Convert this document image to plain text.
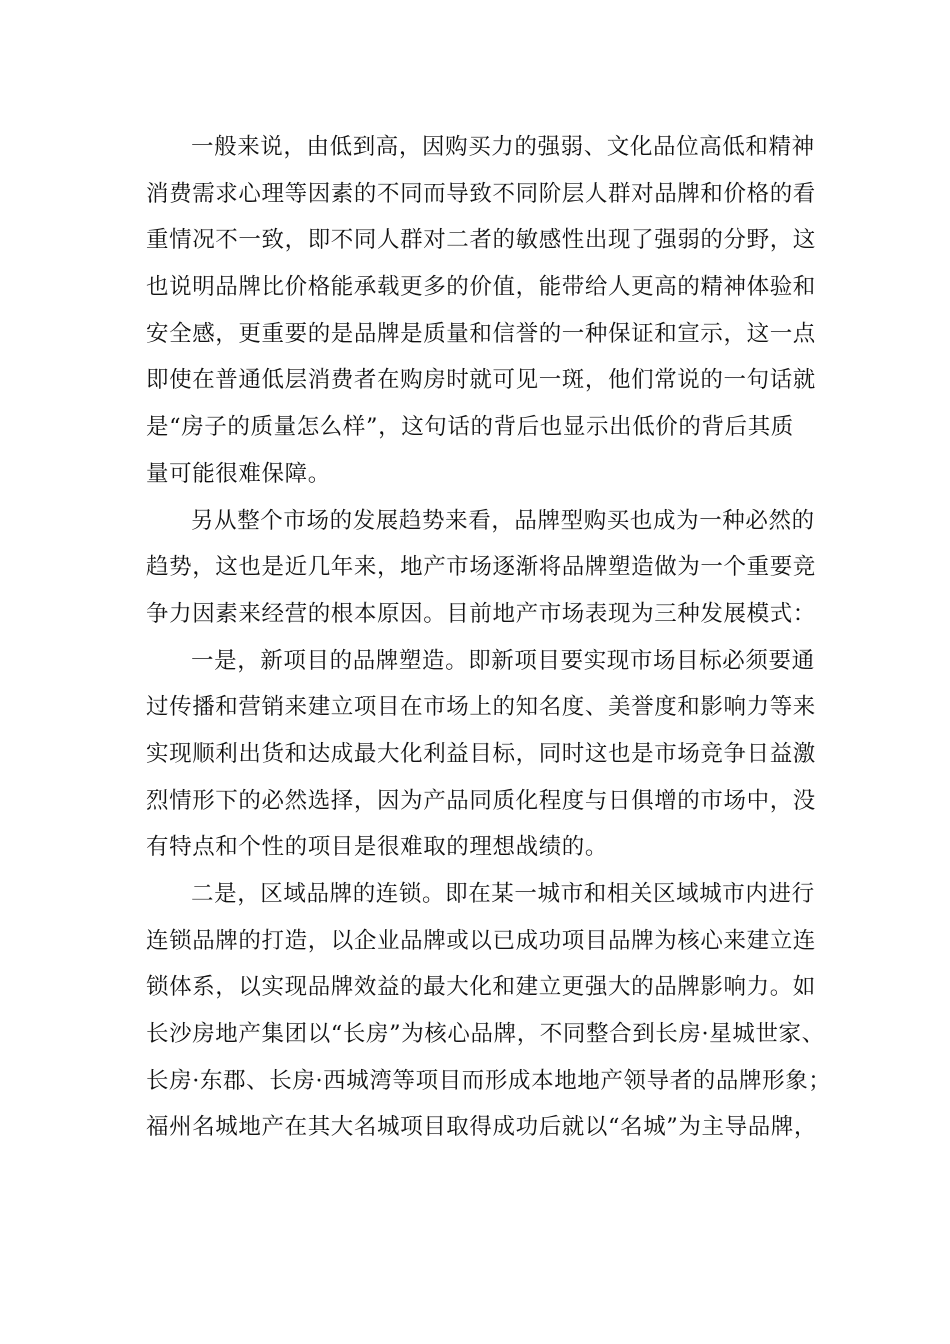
一般来说，由低到高，因购买力的强弱、文化品位高低和精神
消费需求心理等因素的不同而导致不同阶层人群对品牌和价格的看
重情况不一致，即不同人群对二者的敏感性出现了强弱的分野，这
也说明品牌比价格能承载更多的价值，能带给人更高的精神体验和
安全感，更重要的是品牌是质量和信誉的一种保证和宣示，这一点
即使在普通低层消费者在购房时就可见一斑，他们常说的一句话就
是“房子的质量怎么样”，这句话的背后也显示出低价的背后其质
量可能很难保障。
另从整个市场的发展趋势来看，品牌型购买也成为一种必然的
趋势，这也是近几年来，地产市场逐渐将品牌塑造做为一个重要竞
争力因素来经营的根本原因。目前地产市场表现为三种发展模式：
一是，新项目的品牌塑造。即新项目要实现市场目标必须要通
过传播和营销来建立项目在市场上的知名度、美誉度和影响力等来
实现顺利出货和达成最大化利益目标，同时这也是市场竞争日益激
烈情形下的必然选择，因为产品同质化程度与日俱增的市场中，没
有特点和个性的项目是很难取的理想战绩的。
二是，区域品牌的连锁。即在某一城市和相关区域城市内进行
连锁品牌的打造，以企业品牌或以已成功项目品牌为核心来建立连
锁体系，以实现品牌效益的最大化和建立更强大的品牌影响力。如
长沙房地产集团以“长房”为核心品牌，不同整合到长房·星城世家、
长房·东郡、长房·西城湾等项目而形成本地地产领导者的品牌形象；
福州名城地产在其大名城项目取得成功后就以“名城”为主导品牌，
